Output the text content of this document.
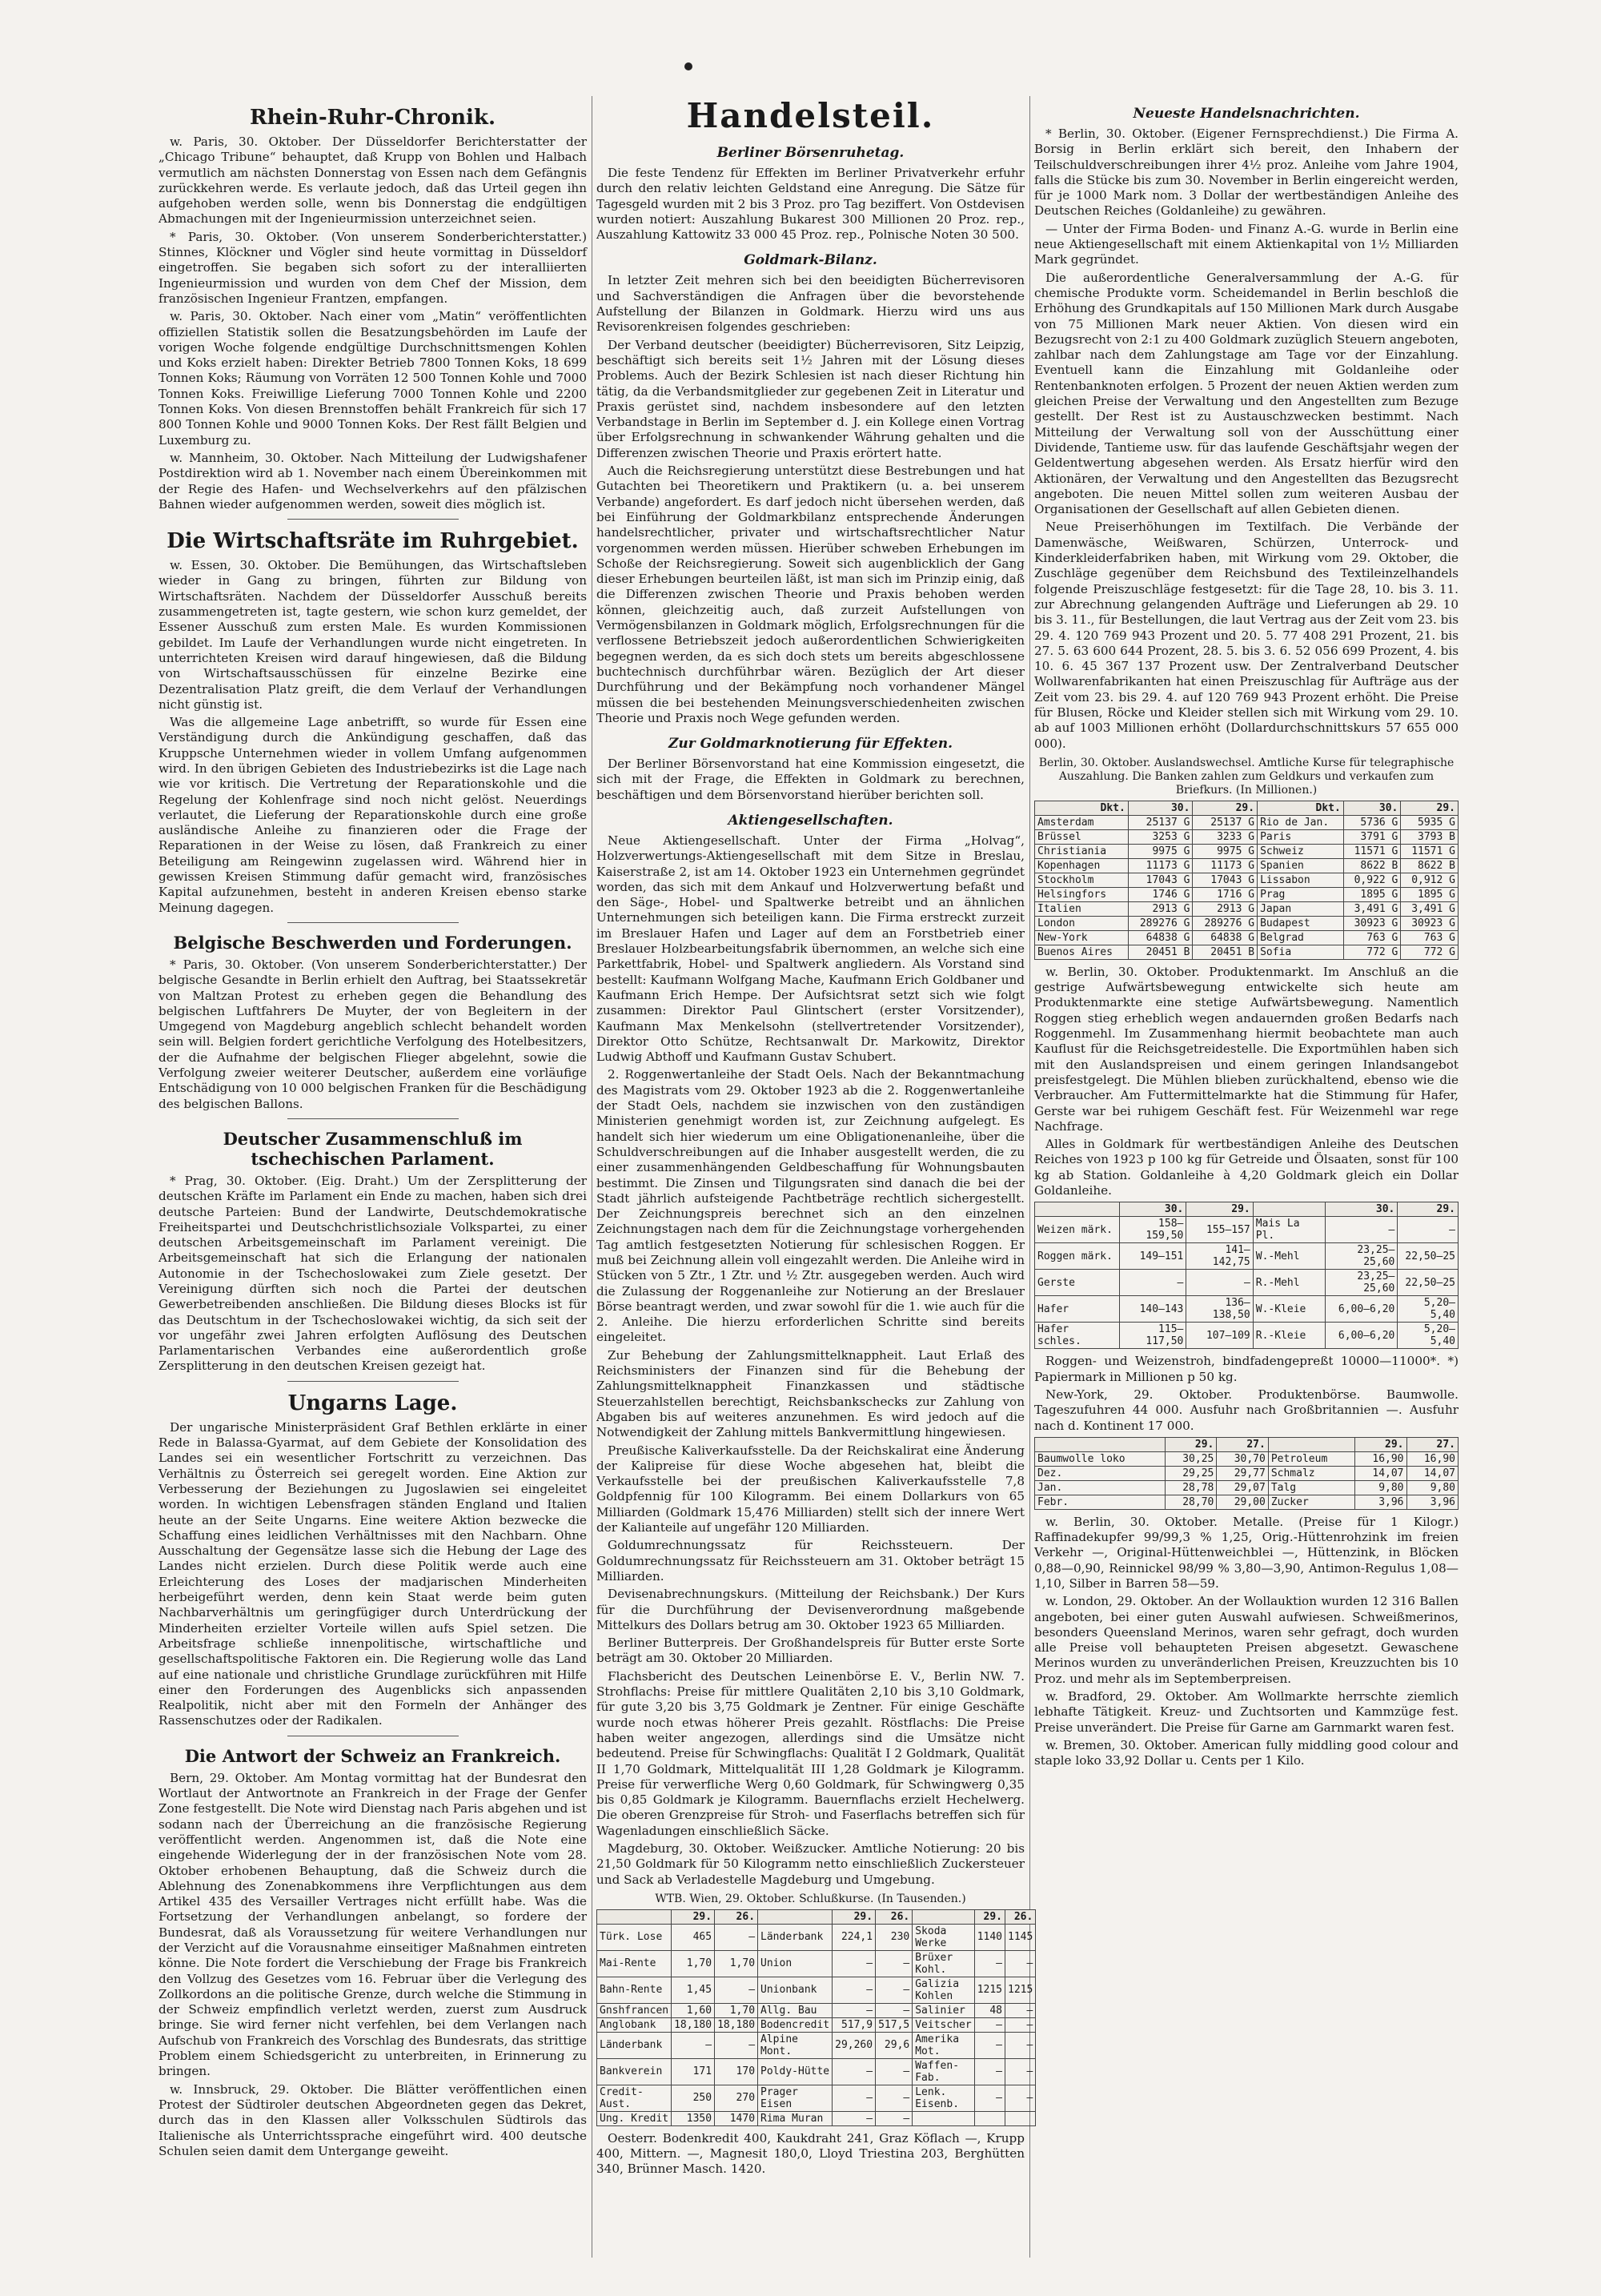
Rhein-Ruhr-Chronik.

w. Paris, 30. Oktober. Der Düsseldorfer Berichterstatter der „Chicago Tribune“ behauptet, daß Krupp von Bohlen und Halbach vermutlich am nächsten Donnerstag von Essen nach dem Gefängnis zurückkehren werde. Es verlaute jedoch, daß das Urteil gegen ihn aufgehoben werden solle, wenn bis Donnerstag die endgültigen Abmachungen mit der Ingenieurmission unterzeichnet seien.

* Paris, 30. Oktober. (Von unserem Sonderberichterstatter.) Stinnes, Klöckner und Vögler sind heute vormittag in Düsseldorf eingetroffen. Sie begaben sich sofort zu der interalliierten Ingenieurmission und wurden von dem Chef der Mission, dem französischen Ingenieur Frantzen, empfangen.

w. Paris, 30. Oktober. Nach einer vom „Matin“ veröffentlichten offiziellen Statistik sollen die Besatzungsbehörden im Laufe der vorigen Woche folgende endgültige Durchschnittsmengen Kohlen und Koks erzielt haben: Direkter Betrieb 7800 Tonnen Koks, 18 699 Tonnen Koks; Räumung von Vorräten 12 500 Tonnen Kohle und 7000 Tonnen Koks. Freiwillige Lieferung 7000 Tonnen Kohle und 2200 Tonnen Koks. Von diesen Brennstoffen behält Frankreich für sich 17 800 Tonnen Kohle und 9000 Tonnen Koks. Der Rest fällt Belgien und Luxemburg zu.

w. Mannheim, 30. Oktober. Nach Mitteilung der Ludwigshafener Postdirektion wird ab 1. November nach einem Übereinkommen mit der Regie des Hafen- und Wechselverkehrs auf den pfälzischen Bahnen wieder aufgenommen werden, soweit dies möglich ist.

Die Wirtschaftsräte im Ruhrgebiet.

w. Essen, 30. Oktober. Die Bemühungen, das Wirtschaftsleben wieder in Gang zu bringen, führten zur Bildung von Wirtschaftsräten. Nachdem der Düsseldorfer Ausschuß bereits zusammengetreten ist, tagte gestern, wie schon kurz gemeldet, der Essener Ausschuß zum ersten Male. Es wurden Kommissionen gebildet. Im Laufe der Verhandlungen wurde nicht eingetreten. In unterrichteten Kreisen wird darauf hingewiesen, daß die Bildung von Wirtschaftsausschüssen für einzelne Bezirke eine Dezentralisation Platz greift, die dem Verlauf der Verhandlungen nicht günstig ist.

Was die allgemeine Lage anbetrifft, so wurde für Essen eine Verständigung durch die Ankündigung geschaffen, daß das Kruppsche Unternehmen wieder in vollem Umfang aufgenommen wird. In den übrigen Gebieten des Industriebezirks ist die Lage nach wie vor kritisch. Die Vertretung der Reparationskohle und die Regelung der Kohlenfrage sind noch nicht gelöst. Neuerdings verlautet, die Lieferung der Reparationskohle durch eine große ausländische Anleihe zu finanzieren oder die Frage der Reparationen in der Weise zu lösen, daß Frankreich zu einer Beteiligung am Reingewinn zugelassen wird. Während hier in gewissen Kreisen Stimmung dafür gemacht wird, französisches Kapital aufzunehmen, besteht in anderen Kreisen ebenso starke Meinung dagegen.

Belgische Beschwerden und Forderungen.

* Paris, 30. Oktober. (Von unserem Sonderberichterstatter.) Der belgische Gesandte in Berlin erhielt den Auftrag, bei Staatssekretär von Maltzan Protest zu erheben gegen die Behandlung des belgischen Luftfahrers De Muyter, der von Begleitern in der Umgegend von Magdeburg angeblich schlecht behandelt worden sein will. Belgien fordert gerichtliche Verfolgung des Hotelbesitzers, der die Aufnahme der belgischen Flieger abgelehnt, sowie die Verfolgung zweier weiterer Deutscher, außerdem eine vorläufige Entschädigung von 10 000 belgischen Franken für die Beschädigung des belgischen Ballons.

Deutscher Zusammenschluß im tschechischen Parlament.

* Prag, 30. Oktober. (Eig. Draht.) Um der Zersplitterung der deutschen Kräfte im Parlament ein Ende zu machen, haben sich drei deutsche Parteien: Bund der Landwirte, Deutschdemokratische Freiheitspartei und Deutschchristlichsoziale Volkspartei, zu einer deutschen Arbeitsgemeinschaft im Parlament vereinigt. Die Arbeitsgemeinschaft hat sich die Erlangung der nationalen Autonomie in der Tschechoslowakei zum Ziele gesetzt. Der Vereinigung dürften sich noch die Partei der deutschen Gewerbetreibenden anschließen. Die Bildung dieses Blocks ist für das Deutschtum in der Tschechoslowakei wichtig, da sich seit der vor ungefähr zwei Jahren erfolgten Auflösung des Deutschen Parlamentarischen Verbandes eine außerordentlich große Zersplitterung in den deutschen Kreisen gezeigt hat.

Ungarns Lage.

Der ungarische Ministerpräsident Graf Bethlen erklärte in einer Rede in Balassa-Gyarmat, auf dem Gebiete der Konsolidation des Landes sei ein wesentlicher Fortschritt zu verzeichnen. Das Verhältnis zu Österreich sei geregelt worden. Eine Aktion zur Verbesserung der Beziehungen zu Jugoslawien sei eingeleitet worden. In wichtigen Lebensfragen ständen England und Italien heute an der Seite Ungarns. Eine weitere Aktion bezwecke die Schaffung eines leidlichen Verhältnisses mit den Nachbarn. Ohne Ausschaltung der Gegensätze lasse sich die Hebung der Lage des Landes nicht erzielen. Durch diese Politik werde auch eine Erleichterung des Loses der madjarischen Minderheiten herbeigeführt werden, denn kein Staat werde beim guten Nachbarverhältnis um geringfügiger durch Unterdrückung der Minderheiten erzielter Vorteile willen aufs Spiel setzen. Die Arbeitsfrage schließe innenpolitische, wirtschaftliche und gesellschaftspolitische Faktoren ein. Die Regierung wolle das Land auf eine nationale und christliche Grundlage zurückführen mit Hilfe einer den Forderungen des Augenblicks sich anpassenden Realpolitik, nicht aber mit den Formeln der Anhänger des Rassenschutzes oder der Radikalen.

Die Antwort der Schweiz an Frankreich.

Bern, 29. Oktober. Am Montag vormittag hat der Bundesrat den Wortlaut der Antwortnote an Frankreich in der Frage der Genfer Zone festgestellt. Die Note wird Dienstag nach Paris abgehen und ist sodann nach der Überreichung an die französische Regierung veröffentlicht werden. Angenommen ist, daß die Note eine eingehende Widerlegung der in der französischen Note vom 28. Oktober erhobenen Behauptung, daß die Schweiz durch die Ablehnung des Zonenabkommens ihre Verpflichtungen aus dem Artikel 435 des Versailler Vertrages nicht erfüllt habe. Was die Fortsetzung der Verhandlungen anbelangt, so fordere der Bundesrat, daß als Voraussetzung für weitere Verhandlungen nur der Verzicht auf die Vorausnahme einseitiger Maßnahmen eintreten könne. Die Note fordert die Verschiebung der Frage bis Frankreich den Vollzug des Gesetzes vom 16. Februar über die Verlegung des Zollkordons an die politische Grenze, durch welche die Stimmung in der Schweiz empfindlich verletzt werden, zuerst zum Ausdruck bringe. Sie wird ferner nicht verfehlen, bei dem Verlangen nach Aufschub von Frankreich des Vorschlag des Bundesrats, das strittige Problem einem Schiedsgericht zu unterbreiten, in Erinnerung zu bringen.

w. Innsbruck, 29. Oktober. Die Blätter veröffentlichen einen Protest der Südtiroler deutschen Abgeordneten gegen das Dekret, durch das in den Klassen aller Volksschulen Südtirols das Italienische als Unterrichtssprache eingeführt wird. 400 deutsche Schulen seien damit dem Untergange geweiht.

Handelsteil.
Berliner Börsenruhetag.

Die feste Tendenz für Effekten im Berliner Privatverkehr erfuhr durch den relativ leichten Geldstand eine Anregung. Die Sätze für Tagesgeld wurden mit 2 bis 3 Proz. pro Tag beziffert. Von Ostdevisen wurden notiert: Auszahlung Bukarest 300 Millionen 20 Proz. rep., Auszahlung Kattowitz 33 000 45 Proz. rep., Polnische Noten 30 500.

Goldmark-Bilanz.

In letzter Zeit mehren sich bei den beeidigten Bücherrevisoren und Sachverständigen die Anfragen über die bevorstehende Aufstellung der Bilanzen in Goldmark. Hierzu wird uns aus Revisorenkreisen folgendes geschrieben:

Der Verband deutscher (beeidigter) Bücherrevisoren, Sitz Leipzig, beschäftigt sich bereits seit 1½ Jahren mit der Lösung dieses Problems. Auch der Bezirk Schlesien ist nach dieser Richtung hin tätig, da die Verbandsmitglieder zur gegebenen Zeit in Literatur und Praxis gerüstet sind, nachdem insbesondere auf den letzten Verbandstage in Berlin im September d. J. ein Kollege einen Vortrag über Erfolgsrechnung in schwankender Währung gehalten und die Differenzen zwischen Theorie und Praxis erörtert hatte.

Auch die Reichsregierung unterstützt diese Bestrebungen und hat Gutachten bei Theoretikern und Praktikern (u. a. bei unserem Verbande) angefordert. Es darf jedoch nicht übersehen werden, daß bei Einführung der Goldmarkbilanz entsprechende Änderungen handelsrechtlicher, privater und wirtschaftsrechtlicher Natur vorgenommen werden müssen. Hierüber schweben Erhebungen im Schoße der Reichsregierung. Soweit sich augenblicklich der Gang dieser Erhebungen beurteilen läßt, ist man sich im Prinzip einig, daß die Differenzen zwischen Theorie und Praxis behoben werden können, gleichzeitig auch, daß zurzeit Aufstellungen von Vermögensbilanzen in Goldmark möglich, Erfolgsrechnungen für die verflossene Betriebszeit jedoch außerordentlichen Schwierigkeiten begegnen werden, da es sich doch stets um bereits abgeschlossene buchtechnisch durchführbar wären. Bezüglich der Art dieser Durchführung und der Bekämpfung noch vorhandener Mängel müssen die bei bestehenden Meinungsverschiedenheiten zwischen Theorie und Praxis noch Wege gefunden werden.

Zur Goldmarknotierung für Effekten.

Der Berliner Börsenvorstand hat eine Kommission eingesetzt, die sich mit der Frage, die Effekten in Goldmark zu berechnen, beschäftigen und dem Börsenvorstand hierüber berichten soll.

Aktiengesellschaften.

Neue Aktiengesellschaft. Unter der Firma „Holvag“, Holzverwertungs-Aktiengesellschaft mit dem Sitze in Breslau, Kaiserstraße 2, ist am 14. Oktober 1923 ein Unternehmen gegründet worden, das sich mit dem Ankauf und Holzverwertung befaßt und den Säge-, Hobel- und Spaltwerke betreibt und an ähnlichen Unternehmungen sich beteiligen kann. Die Firma erstreckt zurzeit im Breslauer Hafen und Lager auf dem an Forstbetrieb einer Breslauer Holzbearbeitungsfabrik übernommen, an welche sich eine Parkettfabrik, Hobel- und Spaltwerk angliedern. Als Vorstand sind bestellt: Kaufmann Wolfgang Mache, Kaufmann Erich Goldbaner und Kaufmann Erich Hempe. Der Aufsichtsrat setzt sich wie folgt zusammen: Direktor Paul Glintschert (erster Vorsitzender), Kaufmann Max Menkelsohn (stellvertretender Vorsitzender), Direktor Otto Schütze, Rechtsanwalt Dr. Markowitz, Direktor Ludwig Abthoff und Kaufmann Gustav Schubert.

2. Roggenwertanleihe der Stadt Oels. Nach der Bekanntmachung des Magistrats vom 29. Oktober 1923 ab die 2. Roggenwertanleihe der Stadt Oels, nachdem sie inzwischen von den zuständigen Ministerien genehmigt worden ist, zur Zeichnung aufgelegt. Es handelt sich hier wiederum um eine Obligationenanleihe, über die Schuldverschreibungen auf die Inhaber ausgestellt werden, die zu einer zusammenhängenden Geldbeschaffung für Wohnungsbauten bestimmt. Die Zinsen und Tilgungsraten sind danach die bei der Stadt jährlich aufsteigende Pachtbeträge rechtlich sichergestellt. Der Zeichnungspreis berechnet sich an den einzelnen Zeichnungstagen nach dem für die Zeichnungstage vorhergehenden Tag amtlich festgesetzten Notierung für schlesischen Roggen. Er muß bei Zeichnung allein voll eingezahlt werden. Die Anleihe wird in Stücken von 5 Ztr., 1 Ztr. und ½ Ztr. ausgegeben werden. Auch wird die Zulassung der Roggenanleihe zur Notierung an der Breslauer Börse beantragt werden, und zwar sowohl für die 1. wie auch für die 2. Anleihe. Die hierzu erforderlichen Schritte sind bereits eingeleitet.

Zur Behebung der Zahlungsmittelknappheit. Laut Erlaß des Reichsministers der Finanzen sind für die Behebung der Zahlungsmittelknappheit Finanzkassen und städtische Steuerzahlstellen berechtigt, Reichsbankschecks zur Zahlung von Abgaben bis auf weiteres anzunehmen. Es wird jedoch auf die Notwendigkeit der Zahlung mittels Bankvermittlung hingewiesen.

Preußische Kaliverkaufsstelle. Da der Reichskalirat eine Änderung der Kalipreise für diese Woche abgesehen hat, bleibt die Verkaufsstelle bei der preußischen Kaliverkaufsstelle 7,8 Goldpfennig für 100 Kilogramm. Bei einem Dollarkurs von 65 Milliarden (Goldmark 15,476 Milliarden) stellt sich der innere Wert der Kalianteile auf ungefähr 120 Milliarden.

Goldumrechnungssatz für Reichssteuern. Der Goldumrechnungssatz für Reichssteuern am 31. Oktober beträgt 15 Milliarden.

Devisenabrechnungskurs. (Mitteilung der Reichsbank.) Der Kurs für die Durchführung der Devisenverordnung maßgebende Mittelkurs des Dollars betrug am 30. Oktober 1923 65 Milliarden.

Berliner Butterpreis. Der Großhandelspreis für Butter erste Sorte beträgt am 30. Oktober 20 Milliarden.

Flachsbericht des Deutschen Leinenbörse E. V., Berlin NW. 7. Strohflachs: Preise für mittlere Qualitäten 2,10 bis 3,10 Goldmark, für gute 3,20 bis 3,75 Goldmark je Zentner. Für einige Geschäfte wurde noch etwas höherer Preis gezahlt. Röstflachs: Die Preise haben weiter angezogen, allerdings sind die Umsätze nicht bedeutend. Preise für Schwingflachs: Qualität I 2 Goldmark, Qualität II 1,70 Goldmark, Mittelqualität III 1,28 Goldmark je Kilogramm. Preise für verwerfliche Werg 0,60 Goldmark, für Schwingwerg 0,35 bis 0,85 Goldmark je Kilogramm. Bauernflachs erzielt Hechelwerg. Die oberen Grenzpreise für Stroh- und Faserflachs betreffen sich für Wagenladungen einschließlich Säcke.

Magdeburg, 30. Oktober. Weißzucker. Amtliche Notierung: 20 bis 21,50 Goldmark für 50 Kilogramm netto einschließlich Zuckersteuer und Sack ab Verladestelle Magdeburg und Umgebung.

WTB. Wien, 29. Oktober. Schlußkurse. (In Tausenden.)
	29.	26.		29.	26.		29.	26.
Türk. Lose	465	—	Länderbank	224,1	230	Skoda Werke	1140	1145
Mai-Rente	1,70	1,70	Union	—	—	Brüxer Kohl.	—	—
Bahn-Rente	1,45	—	Unionbank	—	—	Galizia Kohlen	1215	1215
Gnshfrancen	1,60	1,70	Allg. Bau	—	—	Salinier	48	—
Anglobank	18,180	18,180	Bodencredit	517,9	517,5	Veitscher	—	—
Länderbank	—	—	Alpine Mont.	29,260	29,6	Amerika Mot.	—	—
Bankverein	171	170	Poldy-Hütte	—	—	Waffen-Fab.	—	—
Credit-Aust.	250	270	Prager Eisen	—	—	Lenk. Eisenb.	—	—
Ung. Kredit	1350	1470	Rima Muran	—	—			

Oesterr. Bodenkredit 400, Kaukdraht 241, Graz Köflach —, Krupp 400, Mittern. —, Magnesit 180,0, Lloyd Triestina 203, Berghütten 340, Brünner Masch. 1420.

Neueste Handelsnachrichten.

* Berlin, 30. Oktober. (Eigener Fernsprechdienst.) Die Firma A. Borsig in Berlin erklärt sich bereit, den Inhabern der Teilschuldverschreibungen ihrer 4½ proz. Anleihe vom Jahre 1904, falls die Stücke bis zum 30. November in Berlin eingereicht werden, für je 1000 Mark nom. 3 Dollar der wertbeständigen Anleihe des Deutschen Reiches (Goldanleihe) zu gewähren.

— Unter der Firma Boden- und Finanz A.-G. wurde in Berlin eine neue Aktiengesellschaft mit einem Aktienkapital von 1½ Milliarden Mark gegründet.

Die außerordentliche Generalversammlung der A.-G. für chemische Produkte vorm. Scheidemandel in Berlin beschloß die Erhöhung des Grundkapitals auf 150 Millionen Mark durch Ausgabe von 75 Millionen Mark neuer Aktien. Von diesen wird ein Bezugsrecht von 2:1 zu 400 Goldmark zuzüglich Steuern angeboten, zahlbar nach dem Zahlungstage am Tage vor der Einzahlung. Eventuell kann die Einzahlung mit Goldanleihe oder Rentenbanknoten erfolgen. 5 Prozent der neuen Aktien werden zum gleichen Preise der Verwaltung und den Angestellten zum Bezuge gestellt. Der Rest ist zu Austauschzwecken bestimmt. Nach Mitteilung der Verwaltung soll von der Ausschüttung einer Dividende, Tantieme usw. für das laufende Geschäftsjahr wegen der Geldentwertung abgesehen werden. Als Ersatz hierfür wird den Aktionären, der Verwaltung und den Angestellten das Bezugsrecht angeboten. Die neuen Mittel sollen zum weiteren Ausbau der Organisationen der Gesellschaft auf allen Gebieten dienen.

Neue Preiserhöhungen im Textilfach. Die Verbände der Damenwäsche, Weißwaren, Schürzen, Unterrock- und Kinderkleiderfabriken haben, mit Wirkung vom 29. Oktober, die Zuschläge gegenüber dem Reichsbund des Textileinzelhandels folgende Preiszuschläge festgesetzt: für die Tage 28, 10. bis 3. 11. zur Abrechnung gelangenden Aufträge und Lieferungen ab 29. 10 bis 3. 11., für Bestellungen, die laut Vertrag aus der Zeit vom 23. bis 29. 4. 120 769 943 Prozent und 20. 5. 77 408 291 Prozent, 21. bis 27. 5. 63 600 644 Prozent, 28. 5. bis 3. 6. 52 056 699 Prozent, 4. bis 10. 6. 45 367 137 Prozent usw. Der Zentralverband Deutscher Wollwarenfabrikanten hat einen Preiszuschlag für Aufträge aus der Zeit vom 23. bis 29. 4. auf 120 769 943 Prozent erhöht. Die Preise für Blusen, Röcke und Kleider stellen sich mit Wirkung vom 29. 10. ab auf 1003 Millionen erhöht (Dollardurchschnittskurs 57 655 000 000).

Berlin, 30. Oktober. Auslandswechsel. Amtliche Kurse für telegraphische Auszahlung. Die Banken zahlen zum Geldkurs und verkaufen zum Briefkurs. (In Millionen.)
Dkt.	30.	29.	Dkt.	30.	29.
Amsterdam	25137 G	25137 G	Rio de Jan.	5736 G	5935 G
Brüssel	3253 G	3233 G	Paris	3791 G	3793 B
Christiania	9975 G	9975 G	Schweiz	11571 G	11571 G
Kopenhagen	11173 G	11173 G	Spanien	8622 B	8622 B
Stockholm	17043 G	17043 G	Lissabon	0,922 G	0,912 G
Helsingfors	1746 G	1716 G	Prag	1895 G	1895 G
Italien	2913 G	2913 G	Japan	3,491 G	3,491 G
London	289276 G	289276 G	Budapest	30923 G	30923 G
New-York	64838 G	64838 G	Belgrad	763 G	763 G
Buenos Aires	20451 B	20451 B	Sofia	772 G	772 G

w. Berlin, 30. Oktober. Produktenmarkt. Im Anschluß an die gestrige Aufwärtsbewegung entwickelte sich heute am Produktenmarkte eine stetige Aufwärtsbewegung. Namentlich Roggen stieg erheblich wegen andauernden großen Bedarfs nach Roggenmehl. Im Zusammenhang hiermit beobachtete man auch Kauflust für die Reichsgetreidestelle. Die Exportmühlen haben sich mit den Auslandspreisen und einem geringen Inlandsangebot preisfestgelegt. Die Mühlen blieben zurückhaltend, ebenso wie die Verbraucher. Am Futtermittelmarkte hat die Stimmung für Hafer, Gerste war bei ruhigem Geschäft fest. Für Weizenmehl war rege Nachfrage.

Alles in Goldmark für wertbeständigen Anleihe des Deutschen Reiches von 1923 p 100 kg für Getreide und Ölsaaten, sonst für 100 kg ab Station. Goldanleihe à 4,20 Goldmark gleich ein Dollar Goldanleihe.

	30.	29.		30.	29.
Weizen märk.	158—159,50	155—157	Mais La Pl.	—	—
Roggen märk.	149—151	141—142,75	W.-Mehl	23,25—25,60	22,50—25
Gerste	—	—	R.-Mehl	23,25—25,60	22,50—25
Hafer	140—143	136—138,50	W.-Kleie	6,00—6,20	5,20—5,40
Hafer schles.	115—117,50	107—109	R.-Kleie	6,00—6,20	5,20—5,40

Roggen- und Weizenstroh, bindfadengepreßt 10000—11000*. *) Papiermark in Millionen p 50 kg.

New-York, 29. Oktober. Produktenbörse. Baumwolle. Tageszufuhren 44 000. Ausfuhr nach Großbritannien —. Ausfuhr nach d. Kontinent 17 000.

	29.	27.		29.	27.
Baumwolle loko	30,25	30,70	Petroleum	16,90	16,90
Dez.	29,25	29,77	Schmalz	14,07	14,07
Jan.	28,78	29,07	Talg	9,80	9,80
Febr.	28,70	29,00	Zucker	3,96	3,96

w. Berlin, 30. Oktober. Metalle. (Preise für 1 Kilogr.) Raffinadekupfer 99/99,3 % 1,25, Orig.-Hüttenrohzink im freien Verkehr —, Original-Hüttenweichblei —, Hüttenzink, in Blöcken 0,88—0,90, Reinnickel 98/99 % 3,80—3,90, Antimon-Regulus 1,08—1,10, Silber in Barren 58—59.

w. London, 29. Oktober. An der Wollauktion wurden 12 316 Ballen angeboten, bei einer guten Auswahl aufwiesen. Schweißmerinos, besonders Queensland Merinos, waren sehr gefragt, doch wurden alle Preise voll behaupteten Preisen abgesetzt. Gewaschene Merinos wurden zu unveränderlichen Preisen, Kreuzzuchten bis 10 Proz. und mehr als im Septemberpreisen.

w. Bradford, 29. Oktober. Am Wollmarkte herrschte ziemlich lebhafte Tätigkeit. Kreuz- und Zuchtsorten und Kammzüge fest. Preise unverändert. Die Preise für Garne am Garnmarkt waren fest.

w. Bremen, 30. Oktober. American fully middling good colour and staple loko 33,92 Dollar u. Cents per 1 Kilo.
